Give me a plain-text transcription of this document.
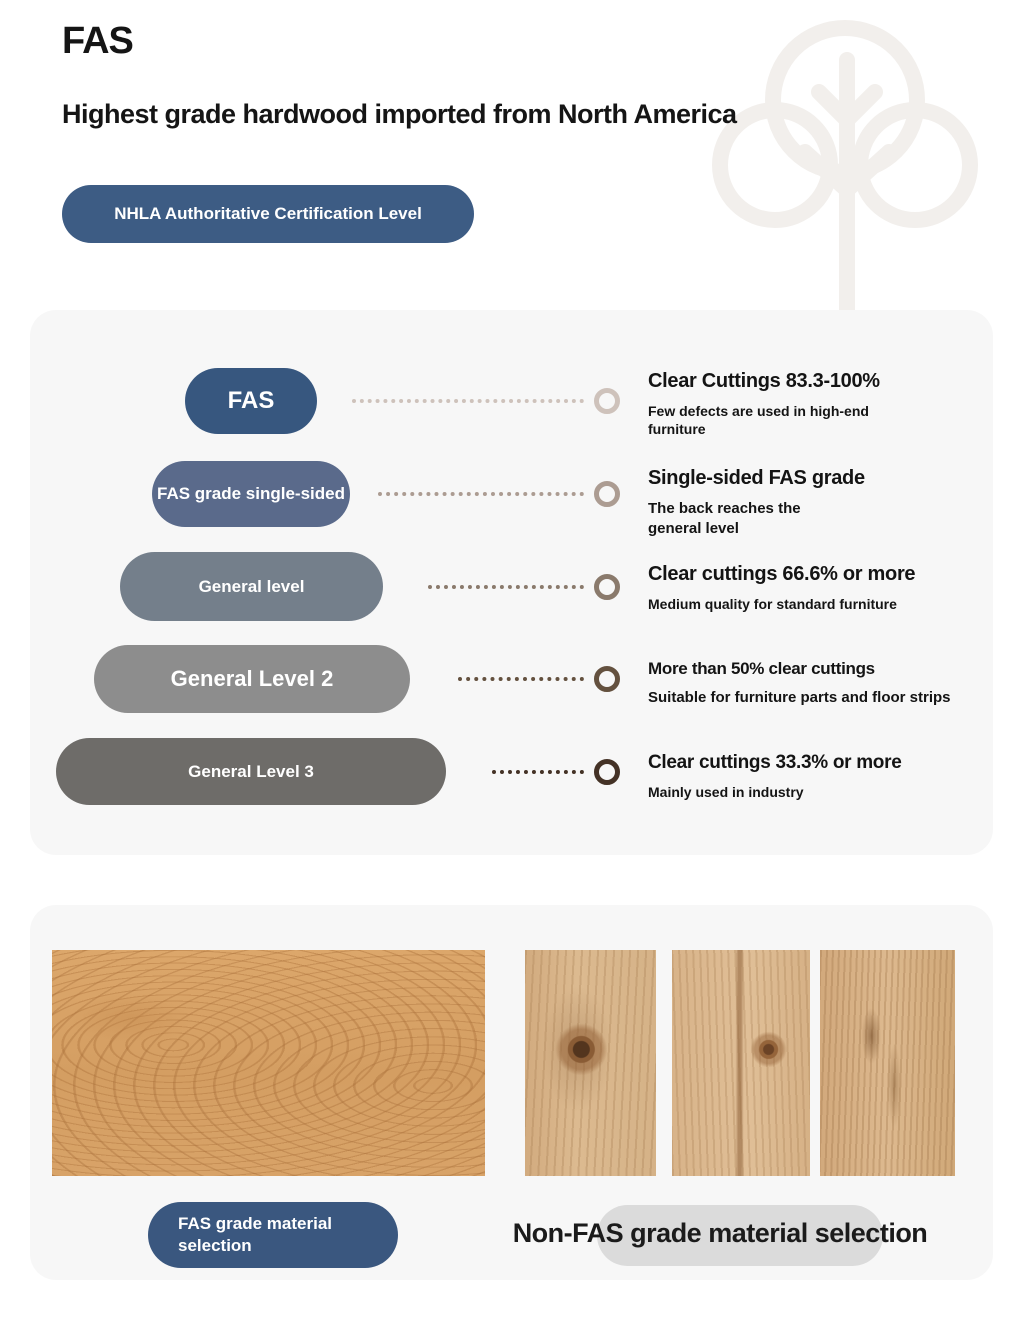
FAS
Highest grade hardwood imported from North America
NHLA Authoritative Certification Level
FAS
FAS grade single-sided
General level
General Level 2
General Level 3
Clear Cuttings 83.3-100%
Few defects are used in high-end furniture
Single-sided FAS grade
The back reaches the general level
Clear cuttings 66.6% or more
Medium quality for standard furniture
More than 50% clear cuttings
Suitable for furniture parts and floor strips
Clear cuttings 33.3% or more
Mainly used in industry
FAS grade material selection	Non-FAS grade material selection
